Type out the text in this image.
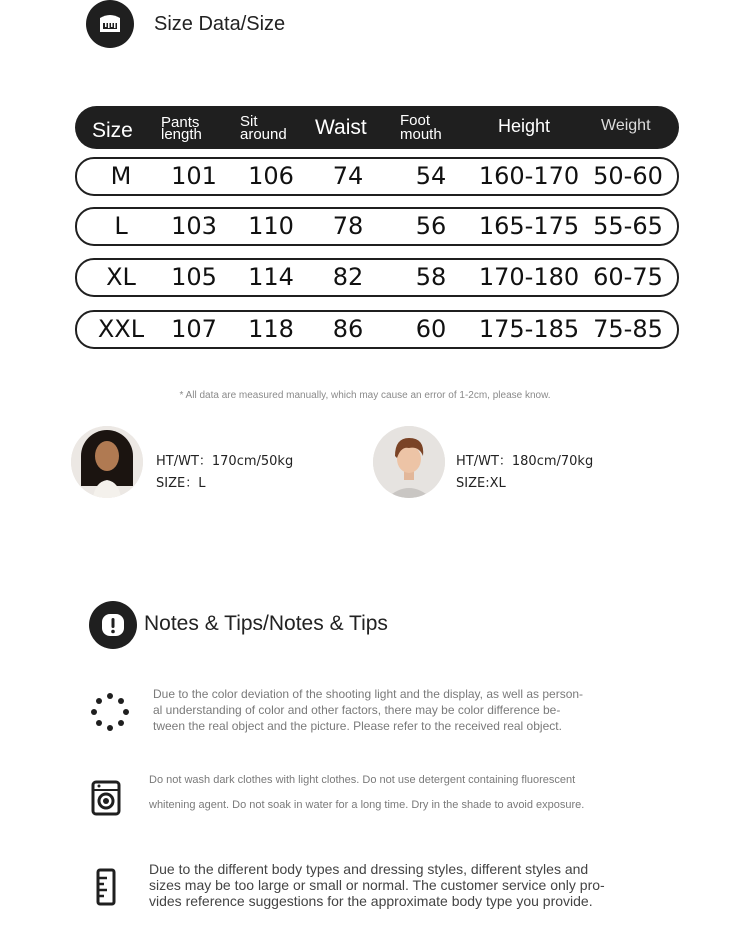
Size Data/Size
Size Pants
length
Sit
around Waist Foot
mouth	Height	Weight
M 101 106 74 54 160-170 50-60
L 103 110 78 56 165-175 55-65
XL 105 114 82 58 170-180 60-75
XXL 107 118 86 60 175-185 75-85
* All data are measured manually, which may cause an error of 1-2cm, please know.
HT/WT：170cm/50kg
SIZE：L
HT/WT：180cm/70kg
SIZE:XL
Notes & Tips/Notes & Tips
Due to the color deviation of the shooting light and the display, as well as person-
al understanding of color and other factors, there may be color difference be-
tween the real object and the picture. Please refer to the received real object.
Do not wash dark clothes with light clothes. Do not use detergent containing fluorescent
whitening agent. Do not soak in water for a long time. Dry in the shade to avoid exposure.
Due to the different body types and dressing styles, different styles and
sizes may be too large or small or normal. The customer service only pro-
vides reference suggestions for the approximate body type you provide.
